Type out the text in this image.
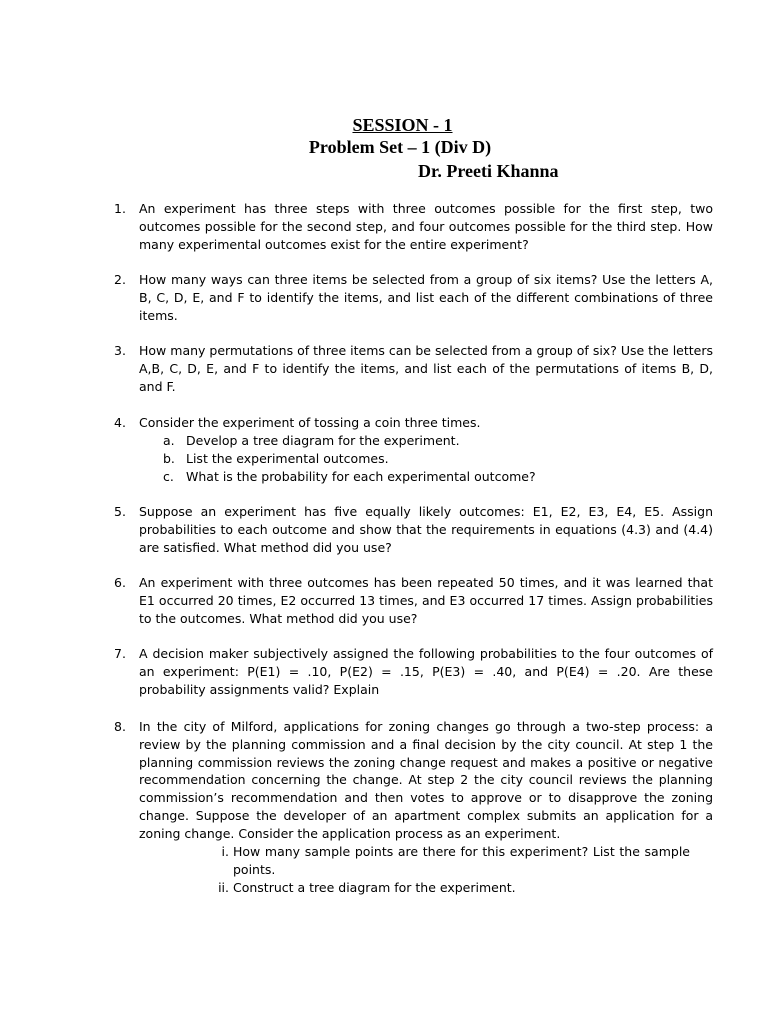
SESSION - 1
Problem Set – 1 (Div D)
Dr. Preeti Khanna
1. An experiment has three steps with three outcomes possible for the first step, two outcomes possible for the second step, and four outcomes possible for the third step. How many experimental outcomes exist for the entire experiment?
2. How many ways can three items be selected from a group of six items? Use the letters A, B, C, D, E, and F to identify the items, and list each of the different combinations of three items.
3. How many permutations of three items can be selected from a group of six? Use the letters A,B, C, D, E, and F to identify the items, and list each of the permutations of items B, D, and F.
4. Consider the experiment of tossing a coin three times.
a. Develop a tree diagram for the experiment.
b. List the experimental outcomes.
c. What is the probability for each experimental outcome?
5. Suppose an experiment has five equally likely outcomes: E1, E2, E3, E4, E5. Assign probabilities to each outcome and show that the requirements in equations (4.3) and (4.4) are satisfied. What method did you use?
6. An experiment with three outcomes has been repeated 50 times, and it was learned that E1 occurred 20 times, E2 occurred 13 times, and E3 occurred 17 times. Assign probabilities to the outcomes. What method did you use?
7. A decision maker subjectively assigned the following probabilities to the four outcomes of an experiment: P(E1) = .10, P(E2) = .15, P(E3) = .40, and P(E4) = .20. Are these probability assignments valid? Explain
8. In the city of Milford, applications for zoning changes go through a two-step process: a review by the planning commission and a final decision by the city council. At step 1 the planning commission reviews the zoning change request and makes a positive or negative recommendation concerning the change. At step 2 the city council reviews the planning commission’s recommendation and then votes to approve or to disapprove the zoning change. Suppose the developer of an apartment complex submits an application for a zoning change. Consider the application process as an experiment.
i. How many sample points are there for this experiment? List the sample points.
ii. Construct a tree diagram for the experiment.
